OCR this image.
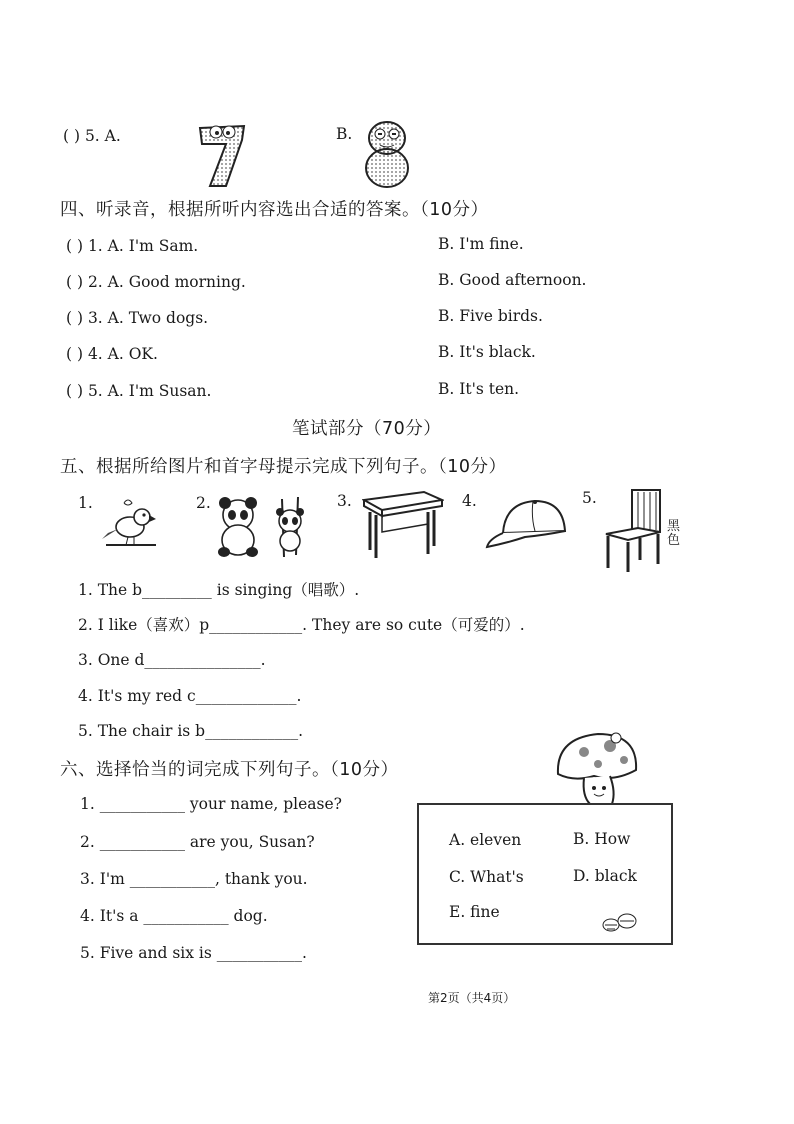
( ) 5. A.	B.
四、听录音，根据所听内容选出合适的答案。（10分）
( ) 1. A. I'm Sam.	B. I'm fine.
( ) 2. A. Good morning.	B. Good afternoon.
( ) 3. A. Two dogs.	B. Five birds.
( ) 4. A. OK.	B. It's black.
( ) 5. A. I'm Susan.	B. It's ten.
笔试部分（70分）
五、根据所给图片和首字母提示完成下列句子。（10分）
1.	2.	3.	4.	5.
黑色
1. The b_________ is singing（唱歌）.
2. I like（喜欢）p____________. They are so cute（可爱的）.
3. One d_______________.
4. It's my red c_____________.
5. The chair is b____________.
六、选择恰当的词完成下列句子。（10分）
1. ___________ your name, please?
2. ___________ are you, Susan?
3. I'm ___________, thank you.
4. It's a ___________ dog.
5. Five and six is ___________.
A. eleven	B. How
C. What's	D. black
E. fine
第2页（共4页）
